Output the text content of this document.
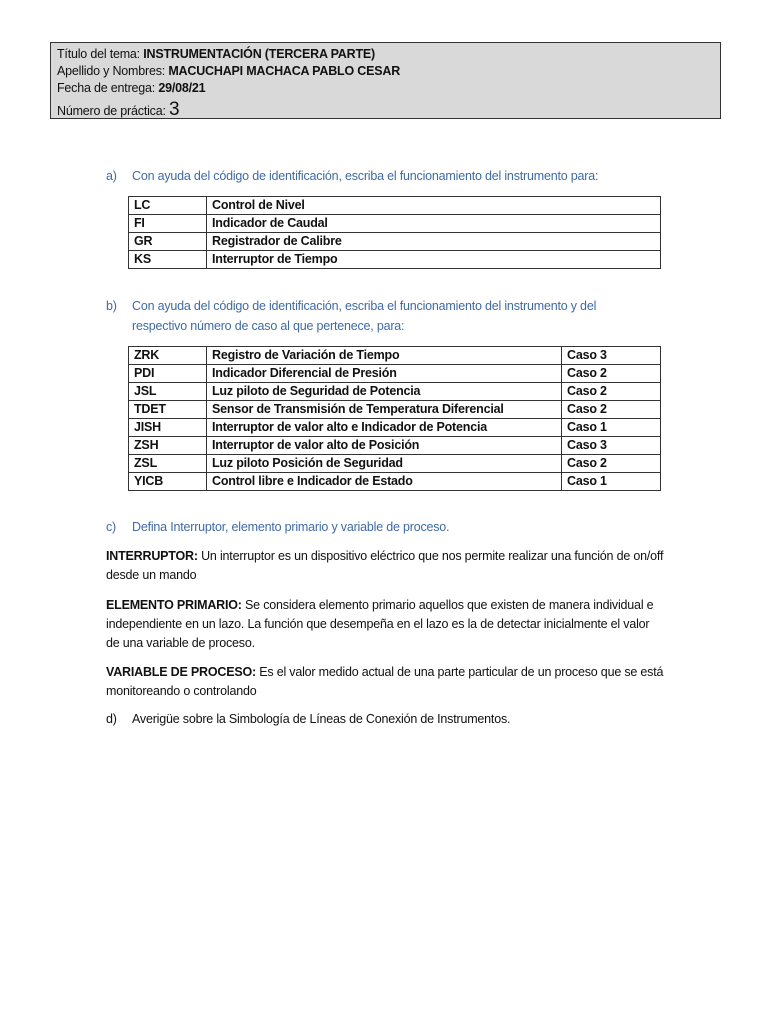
Título del tema: INSTRUMENTACIÓN (TERCERA PARTE)
Apellido y Nombres: MACUCHAPI MACHACA PABLO CESAR
Fecha de entrega: 29/08/21
Número de práctica: 3
a) Con ayuda del código de identificación, escriba el funcionamiento del instrumento para:
LC	Control de Nivel
FI	Indicador de Caudal
GR	Registrador de Calibre
KS	Interruptor de Tiempo
b) Con ayuda del código de identificación, escriba el funcionamiento del instrumento y del
respectivo número de caso al que pertenece, para:
ZRK	Registro de Variación de Tiempo	Caso 3
PDI	Indicador Diferencial de Presión	Caso 2
JSL	Luz piloto de Seguridad de Potencia	Caso 2
TDET	Sensor de Transmisión de Temperatura Diferencial	Caso 2
JISH	Interruptor de valor alto e Indicador de Potencia	Caso 1
ZSH	Interruptor de valor alto de Posición	Caso 3
ZSL	Luz piloto Posición de Seguridad	Caso 2
YICB	Control libre e Indicador de Estado	Caso 1
c) Defina Interruptor, elemento primario y variable de proceso.
INTERRUPTOR: Un interruptor es un dispositivo eléctrico que nos permite realizar una función de on/off desde un mando
ELEMENTO PRIMARIO: Se considera elemento primario aquellos que existen de manera individual e independiente en un lazo. La función que desempeña en el lazo es la de detectar inicialmente el valor de una variable de proceso.
VARIABLE DE PROCESO: Es el valor medido actual de una parte particular de un proceso que se está monitoreando o controlando
d) Averigüe sobre la Simbología de Líneas de Conexión de Instrumentos.
